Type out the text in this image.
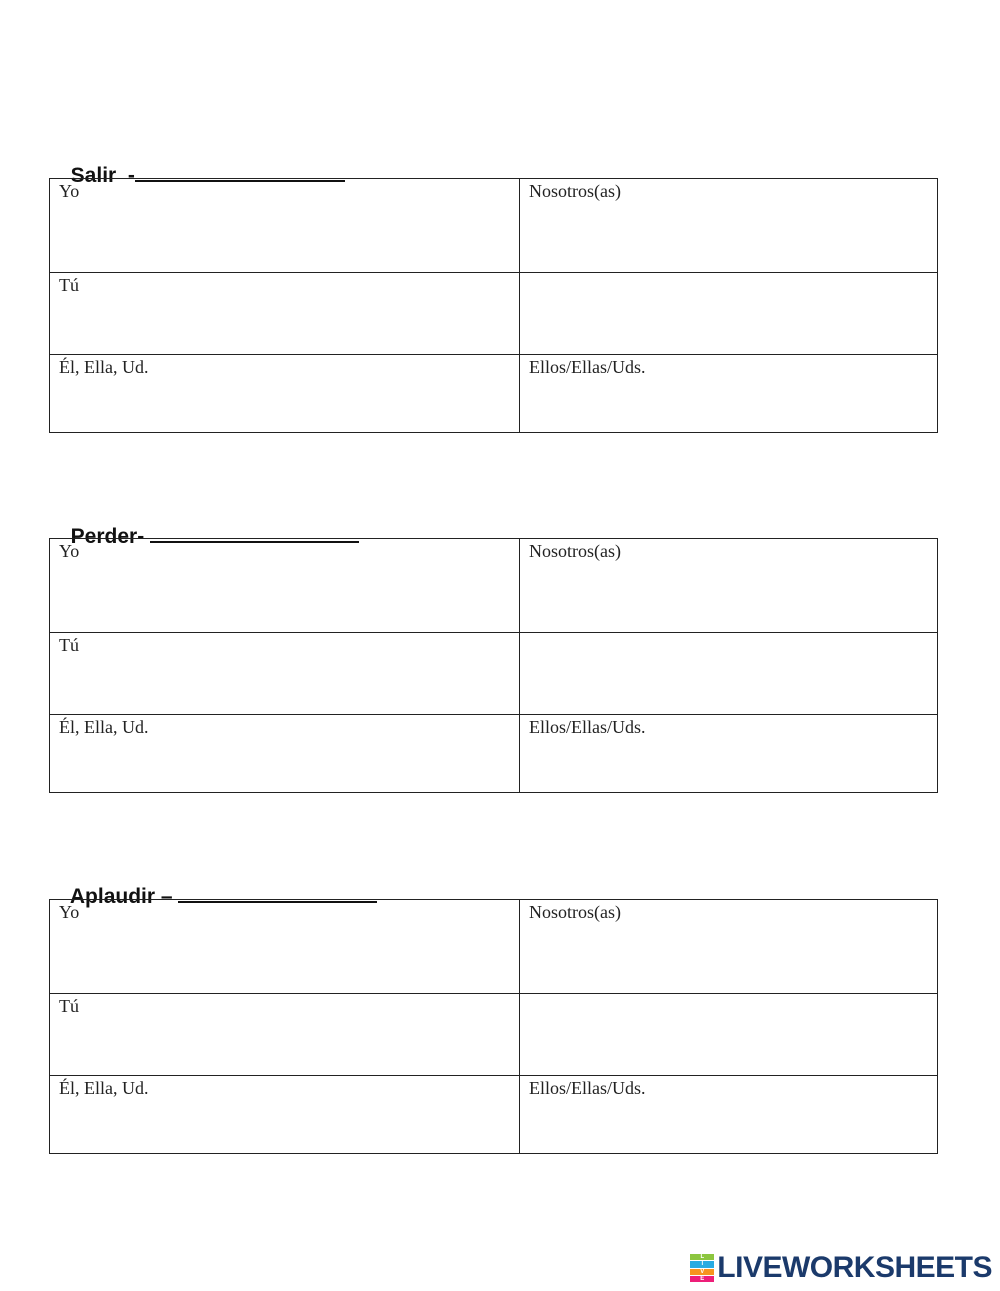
Salir  -

Yo	Nosotros(as)
Tú	
Él, Ella, Ud.	Ellos/Ellas/Uds.

Perder-

Yo	Nosotros(as)
Tú	
Él, Ella, Ud.	Ellos/Ellas/Uds.

Aplaudir –

Yo	Nosotros(as)
Tú	
Él, Ella, Ud.	Ellos/Ellas/Uds.
L
I
V
E LIVEWORKSHEETS
